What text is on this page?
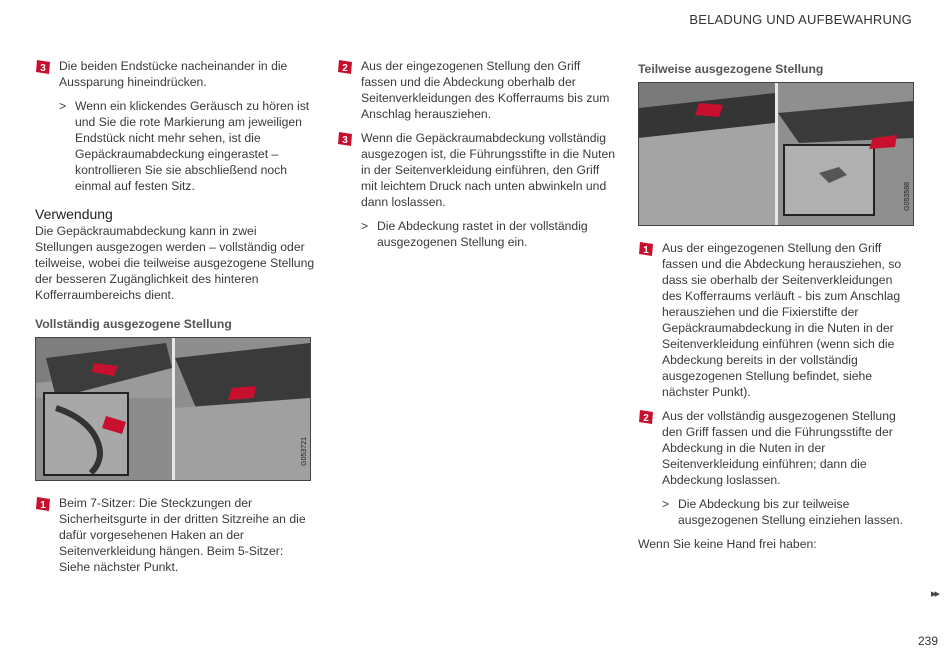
BELADUNG UND AUFBEWAHRUNG
3 Die beiden Endstücke nacheinander in die Aussparung hineindrücken.
> Wenn ein klickendes Geräusch zu hören ist und Sie die rote Markierung am jeweiligen Endstück nicht mehr sehen, ist die Gepäckraumabdeckung eingerastet – kontrollieren Sie sie abschließend noch einmal auf festen Sitz.
Verwendung

Die Gepäckraumabdeckung kann in zwei Stellungen ausgezogen werden – vollständig oder teilweise, wobei die teilweise ausgezogene Stellung der besseren Zugänglichkeit des hinteren Kofferraumbereichs dient.

Vollständig ausgezogene Stellung
G053721
1 Beim 7-Sitzer: Die Steckzungen der Sicherheitsgurte in der dritten Sitzreihe an die dafür vorgesehenen Haken an der Seitenverkleidung hängen. Beim 5-Sitzer: Siehe nächster Punkt.
2 Aus der eingezogenen Stellung den Griff fassen und die Abdeckung oberhalb der Seitenverkleidungen des Kofferraums bis zum Anschlag herausziehen.
3 Wenn die Gepäckraumabdeckung vollständig ausgezogen ist, die Führungsstifte in die Nuten in der Seitenverkleidung einführen, den Griff mit leichtem Druck nach unten abwinkeln und dann loslassen.
> Die Abdeckung rastet in der vollständig ausgezogenen Stellung ein.
Teilweise ausgezogene Stellung
G053588
1 Aus der eingezogenen Stellung den Griff fassen und die Abdeckung herausziehen, so dass sie oberhalb der Seitenverkleidungen des Kofferraums verläuft - bis zum Anschlag herausziehen und die Fixierstifte der Gepäckraumabdeckung in die Nuten in der Seitenverkleidung einführen (wenn sich die Abdeckung bereits in der vollständig ausgezogenen Stellung befindet, siehe nächster Punkt).
2 Aus der vollständig ausgezogenen Stellung den Griff fassen und die Führungsstifte der Abdeckung in die Nuten in der Seitenverkleidung einführen; dann die Abdeckung loslassen.
> Die Abdeckung bis zur teilweise ausgezogenen Stellung einziehen lassen.

Wenn Sie keine Hand frei haben:

▸▸
239
